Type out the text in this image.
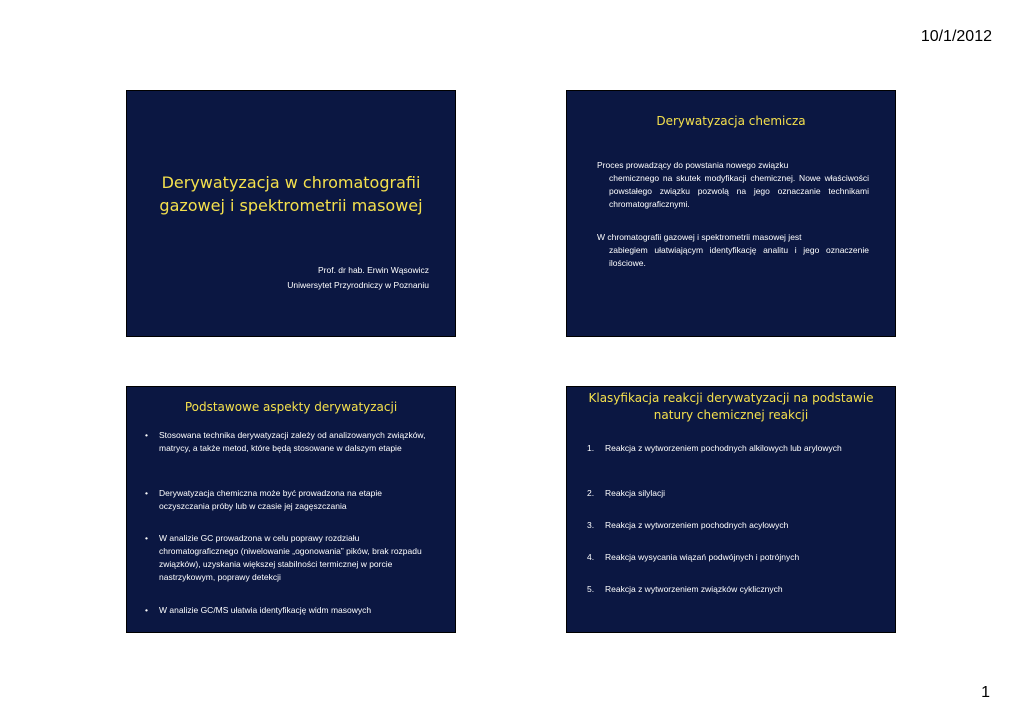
10/1/2012
Derywatyzacja w chromatografii
gazowej i spektrometrii masowej
Prof. dr hab. Erwin Wąsowicz
Uniwersytet Przyrodniczy w Poznaniu
Derywatyzacja chemicza
Proces prowadzący do powstania nowego związku
chemicznego na skutek modyfikacji chemicznej. Nowe właściwości powstałego związku pozwolą na jego oznaczanie technikami chromatograficznymi.
W chromatografii gazowej i spektrometrii masowej jest
zabiegiem ułatwiającym identyfikację analitu i jego oznaczenie ilościowe.
Podstawowe aspekty derywatyzacji
•	Stosowana technika derywatyzacji zależy od analizowanych związków, matrycy, a także metod, które będą stosowane w dalszym etapie
•	Derywatyzacja chemiczna może być prowadzona na etapie oczyszczania próby lub w czasie jej zagęszczania
•	W analizie GC prowadzona w celu poprawy rozdziału chromatograficznego (niwelowanie „ogonowania” pików, brak rozpadu związków), uzyskania większej stabilności termicznej w porcie nastrzykowym, poprawy detekcji
•	W analizie GC/MS ułatwia identyfikację widm masowych
Klasyfikacja reakcji derywatyzacji na podstawie
natury chemicznej reakcji
1.	Reakcja z wytworzeniem pochodnych alkilowych lub arylowych
2.	Reakcja silylacji
3.	Reakcja z wytworzeniem pochodnych acylowych
4.	Reakcja wysycania wiązań podwójnych i potrójnych
5.	Reakcja z wytworzeniem związków cyklicznych
1
